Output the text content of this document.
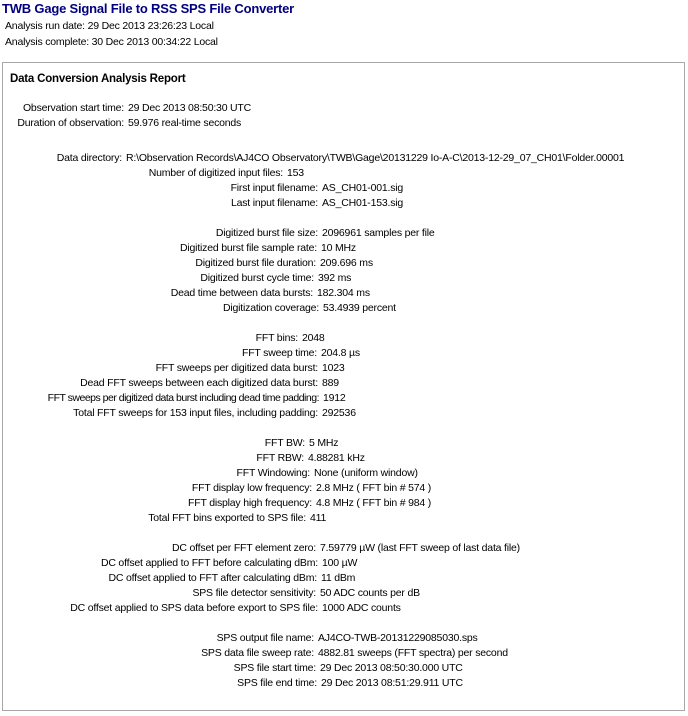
TWB Gage Signal File to RSS SPS File Converter
Analysis run date: 29 Dec 2013 23:26:23 Local
Analysis complete: 30 Dec 2013 00:34:22 Local
Data Conversion Analysis Report
Observation start time: 29 Dec 2013 08:50:30 UTC
Duration of observation: 59.976 real-time seconds
Data directory: R:\Observation Records\AJ4CO Observatory\TWB\Gage\20131229 Io-A-C\2013-12-29_07_CH01\Folder.00001
Number of digitized input files: 153
First input filename: AS_CH01-001.sig
Last input filename: AS_CH01-153.sig
Digitized burst file size: 2096961 samples per file
Digitized burst file sample rate: 10 MHz
Digitized burst file duration: 209.696 ms
Digitized burst cycle time: 392 ms
Dead time between data bursts: 182.304 ms
Digitization coverage: 53.4939 percent
FFT bins: 2048
FFT sweep time: 204.8 µs
FFT sweeps per digitized data burst: 1023
Dead FFT sweeps between each digitized data burst: 889
FFT sweeps per digitized data burst including dead time padding: 1912
Total FFT sweeps for 153 input files, including padding: 292536
FFT BW: 5 MHz
FFT RBW: 4.88281 kHz
FFT Windowing: None (uniform window)
FFT display low frequency: 2.8 MHz ( FFT bin # 574 )
FFT display high frequency: 4.8 MHz ( FFT bin # 984 )
Total FFT bins exported to SPS file: 411
DC offset per FFT element zero: 7.59779 µW (last FFT sweep of last data file)
DC offset applied to FFT before calculating dBm: 100 µW
DC offset applied to FFT after calculating dBm: 11 dBm
SPS file detector sensitivity: 50 ADC counts per dB
DC offset applied to SPS data before export to SPS file: 1000 ADC counts
SPS output file name: AJ4CO-TWB-20131229085030.sps
SPS data file sweep rate: 4882.81 sweeps (FFT spectra) per second
SPS file start time: 29 Dec 2013 08:50:30.000 UTC
SPS file end time: 29 Dec 2013 08:51:29.911 UTC
